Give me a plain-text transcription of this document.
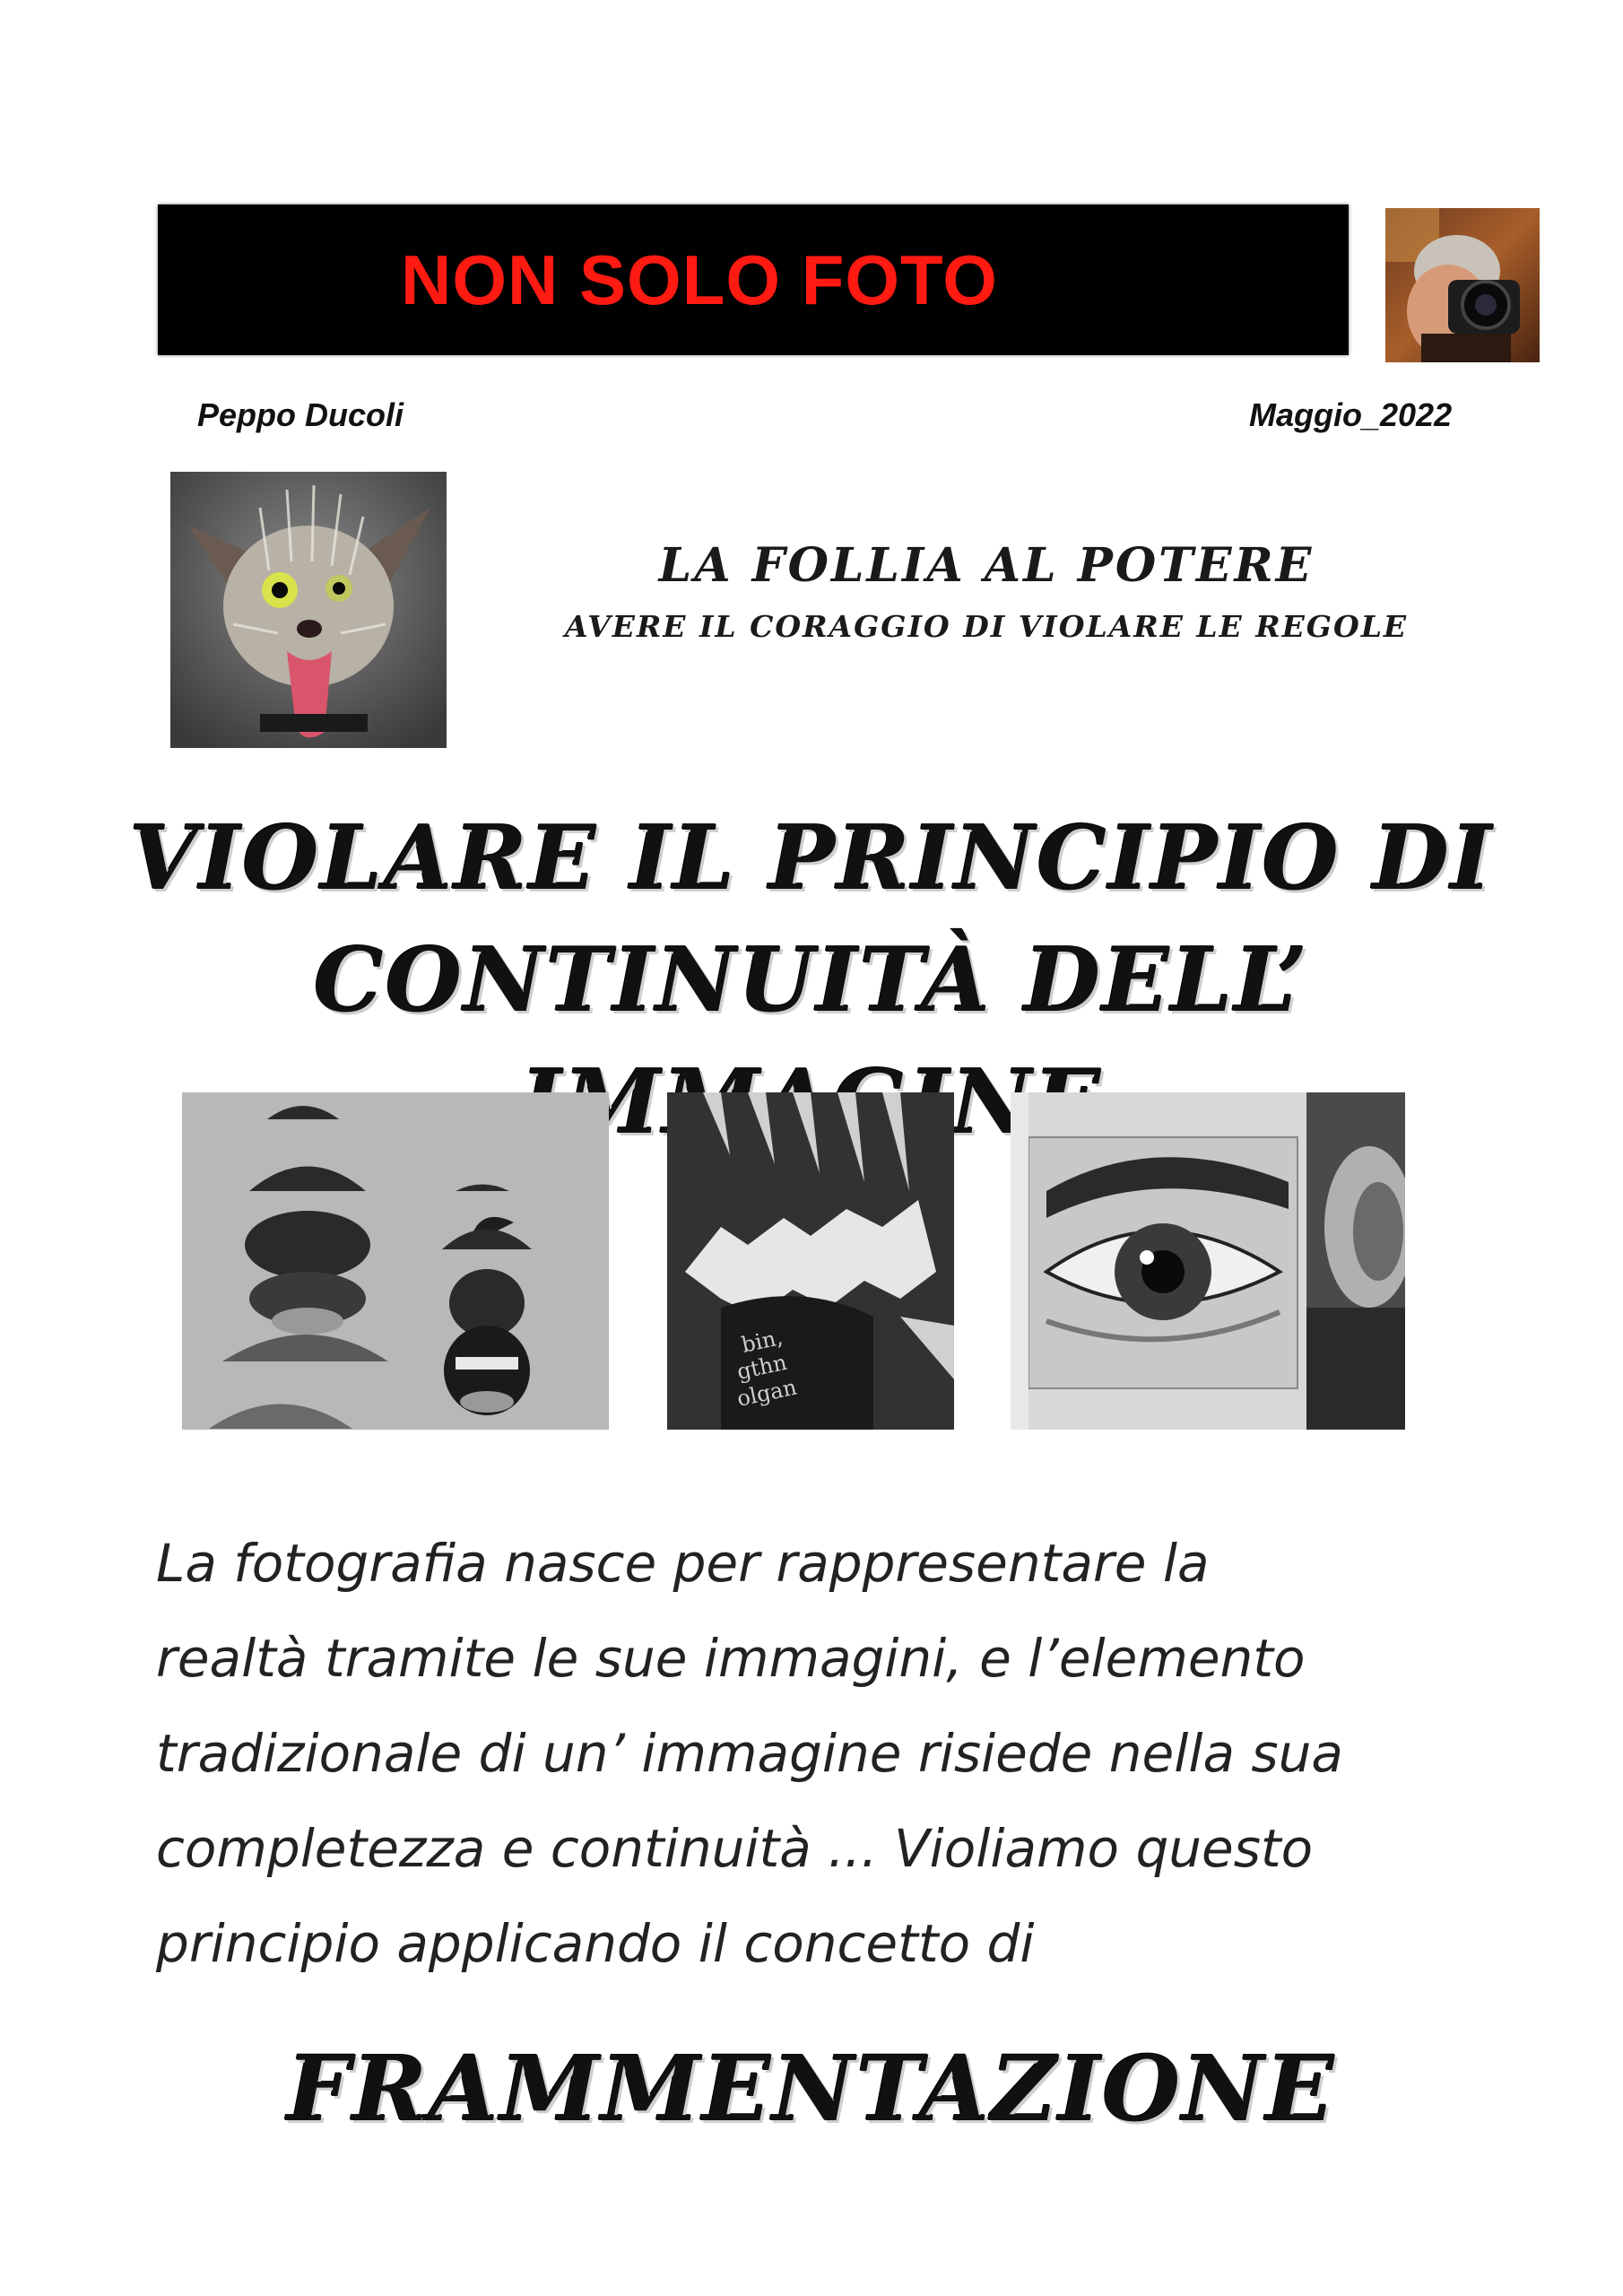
NON SOLO FOTO
Peppo Ducoli	Maggio_2022
LA FOLLIA AL POTERE
AVERE IL CORAGGIO DI VIOLARE LE REGOLE
VIOLARE IL PRINCIPIO DI
CONTINUITÀ DELL’
bin,
gthn
olgan
La fotografia nasce per rappresentare la
realtà tramite le sue immagini, e l’elemento
tradizionale di un’ immagine risiede nella sua
completezza e continuità ... Violiamo questo
principio applicando il concetto di
FRAMMENTAZIONE
